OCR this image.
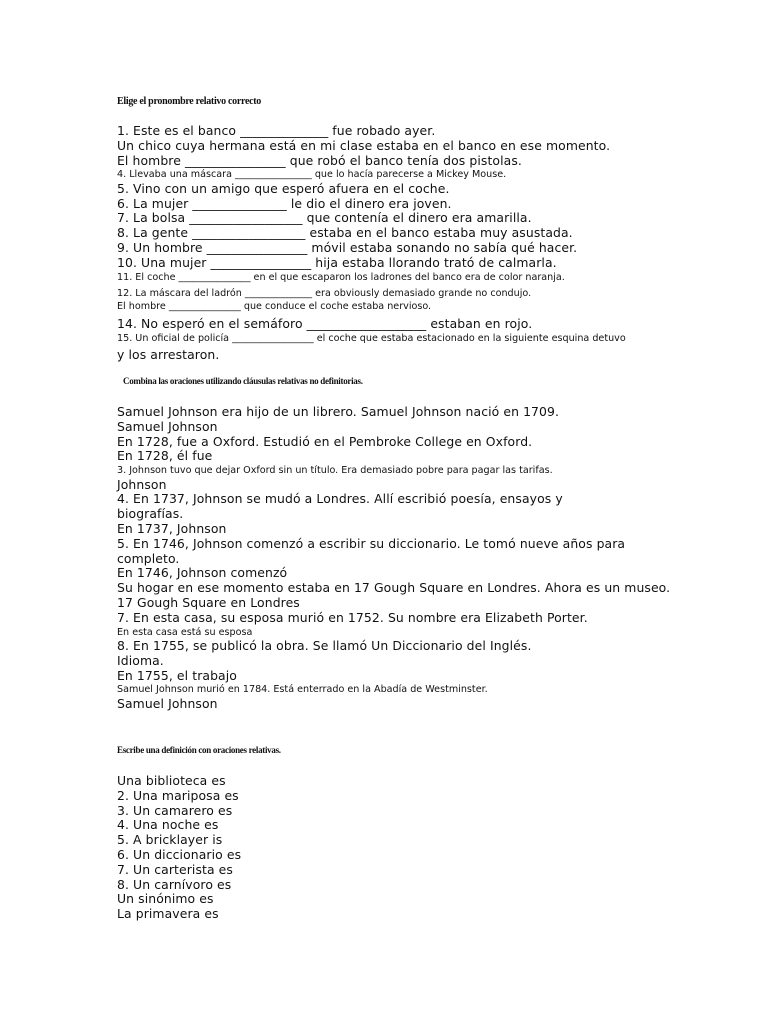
Elige el pronombre relativo correcto
1. Este es el banco ______________ fue robado ayer.
Un chico cuya hermana está en mi clase estaba en el banco en ese momento.
El hombre ________________ que robó el banco tenía dos pistolas.
4. Llevaba una máscara ________________ que lo hacía parecerse a Mickey Mouse.
5. Vino con un amigo que esperó afuera en el coche.
6. La mujer _______________ le dio el dinero era joven.
7. La bolsa __________________ que contenía el dinero era amarilla.
8. La gente __________________ estaba en el banco estaba muy asustada.
9. Un hombre ________________ móvil estaba sonando no sabía qué hacer.
10. Una mujer ________________ hija estaba llorando trató de calmarla.
11. El coche _______________ en el que escaparon los ladrones del banco era de color naranja.
12. La máscara del ladrón ______________ era obviously demasiado grande no condujo.
El hombre _______________ que conduce el coche estaba nervioso.
14. No esperó en el semáforo ___________________ estaban en rojo.
15. Un oficial de policía _________________ el coche que estaba estacionado en la siguiente esquina detuvo
y los arrestaron.
Combina las oraciones utilizando cláusulas relativas no definitorias.
Samuel Johnson era hijo de un librero. Samuel Johnson nació en 1709.
Samuel Johnson
En 1728, fue a Oxford. Estudió en el Pembroke College en Oxford.
En 1728, él fue
3. Johnson tuvo que dejar Oxford sin un título. Era demasiado pobre para pagar las tarifas.
Johnson
4. En 1737, Johnson se mudó a Londres. Allí escribió poesía, ensayos y
biografías.
En 1737, Johnson
5. En 1746, Johnson comenzó a escribir su diccionario. Le tomó nueve años para
completo.
En 1746, Johnson comenzó
Su hogar en ese momento estaba en 17 Gough Square en Londres. Ahora es un museo.
17 Gough Square en Londres
7. En esta casa, su esposa murió en 1752. Su nombre era Elizabeth Porter.
En esta casa está su esposa
8. En 1755, se publicó la obra. Se llamó Un Diccionario del Inglés.
Idioma.
En 1755, el trabajo
Samuel Johnson murió en 1784. Está enterrado en la Abadía de Westminster.
Samuel Johnson
Escribe una definición con oraciones relativas.
Una biblioteca es
2. Una mariposa es
3. Un camarero es
4. Una noche es
5. A bricklayer is
6. Un diccionario es
7. Un carterista es
8. Un carnívoro es
Un sinónimo es
La primavera es
